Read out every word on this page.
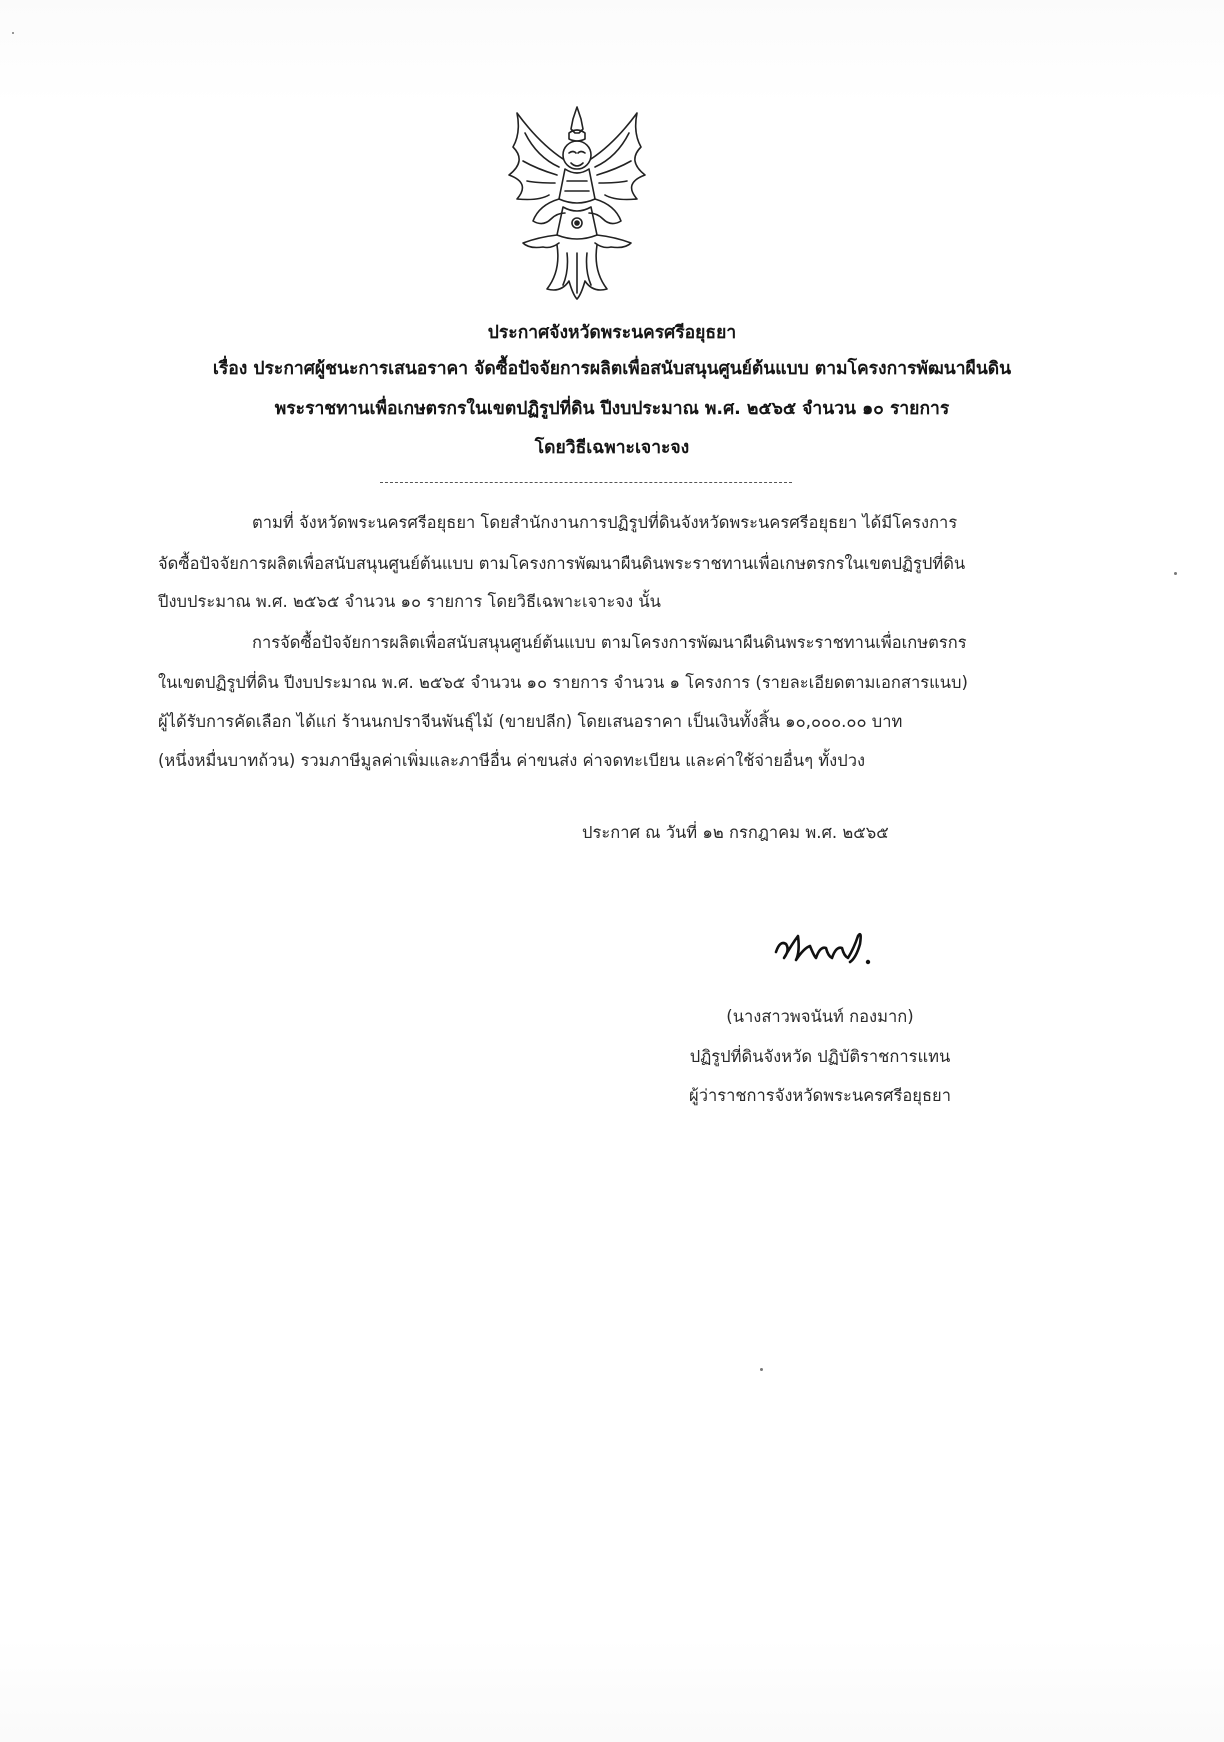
ประกาศจังหวัดพระนครศรีอยุธยา
เรื่อง ประกาศผู้ชนะการเสนอราคา จัดซื้อปัจจัยการผลิตเพื่อสนับสนุนศูนย์ต้นแบบ ตามโครงการพัฒนาผืนดิน
พระราชทานเพื่อเกษตรกรในเขตปฏิรูปที่ดิน ปีงบประมาณ พ.ศ. ๒๕๖๕ จำนวน ๑๐ รายการ
โดยวิธีเฉพาะเจาะจง
ตามที่ จังหวัดพระนครศรีอยุธยา โดยสำนักงานการปฏิรูปที่ดินจังหวัดพระนครศรีอยุธยา ได้มีโครงการ
จัดซื้อปัจจัยการผลิตเพื่อสนับสนุนศูนย์ต้นแบบ ตามโครงการพัฒนาผืนดินพระราชทานเพื่อเกษตรกรในเขตปฏิรูปที่ดิน
ปีงบประมาณ พ.ศ. ๒๕๖๕ จำนวน ๑๐ รายการ โดยวิธีเฉพาะเจาะจง นั้น
การจัดซื้อปัจจัยการผลิตเพื่อสนับสนุนศูนย์ต้นแบบ ตามโครงการพัฒนาผืนดินพระราชทานเพื่อเกษตรกร
ในเขตปฏิรูปที่ดิน ปีงบประมาณ พ.ศ. ๒๕๖๕ จำนวน ๑๐ รายการ จำนวน ๑ โครงการ (รายละเอียดตามเอกสารแนบ)
ผู้ได้รับการคัดเลือก ได้แก่ ร้านนกปราจีนพันธุ์ไม้ (ขายปลีก) โดยเสนอราคา เป็นเงินทั้งสิ้น ๑๐,๐๐๐.๐๐ บาท
(หนึ่งหมื่นบาทถ้วน) รวมภาษีมูลค่าเพิ่มและภาษีอื่น ค่าขนส่ง ค่าจดทะเบียน และค่าใช้จ่ายอื่นๆ ทั้งปวง
ประกาศ ณ วันที่ ๑๒ กรกฎาคม พ.ศ. ๒๕๖๕
(นางสาวพจนันท์ กองมาก)
ปฏิรูปที่ดินจังหวัด ปฏิบัติราชการแทน
ผู้ว่าราชการจังหวัดพระนครศรีอยุธยา
